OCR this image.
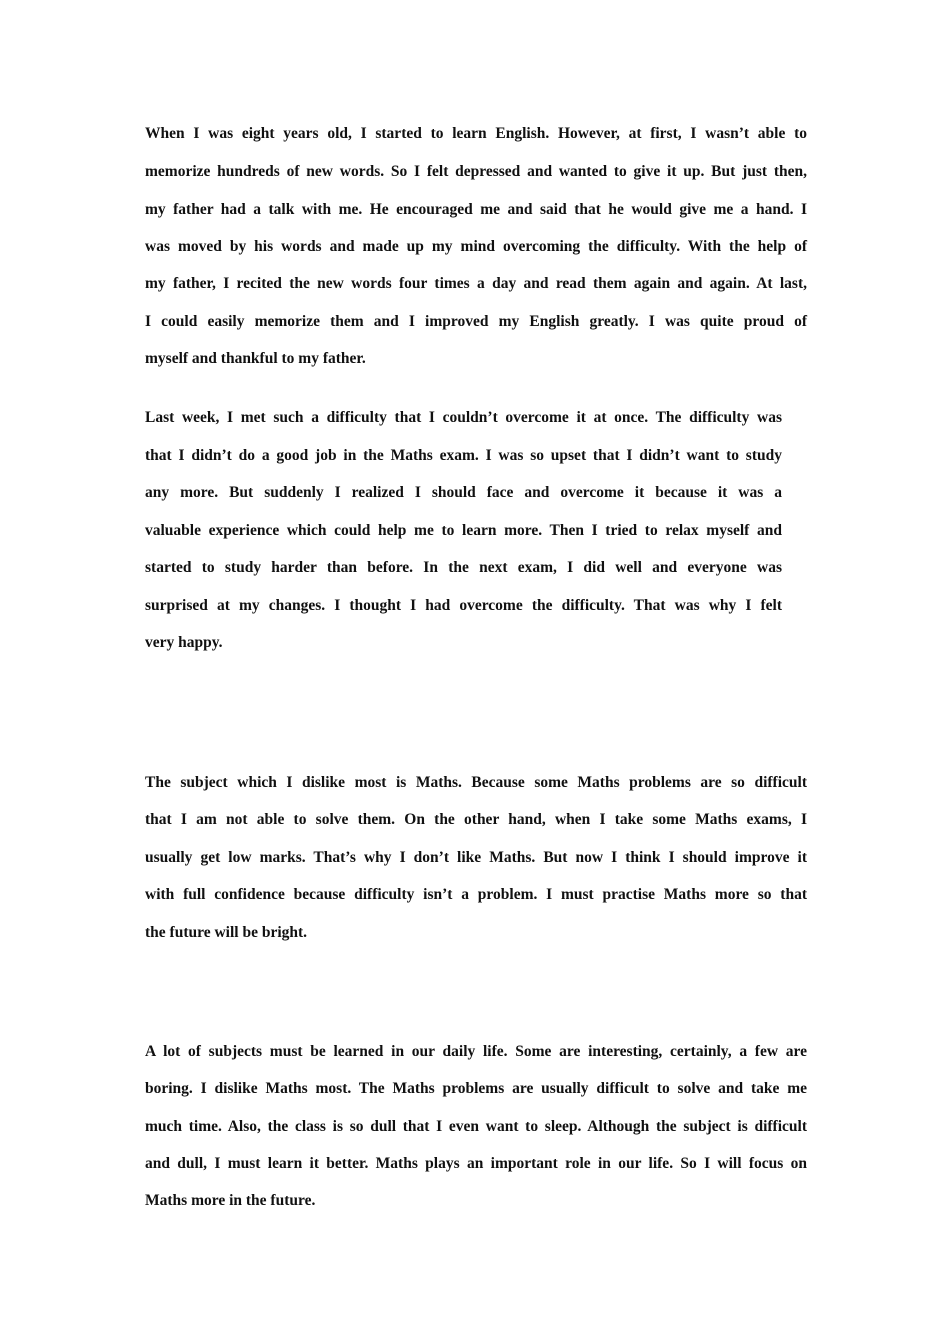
When I was eight years old, I started to learn English. However, at first, I wasn’t able to
memorize hundreds of new words. So I felt depressed and wanted to give it up. But just then,
my father had a talk with me. He encouraged me and said that he would give me a hand. I
was moved by his words and made up my mind overcoming the difficulty. With the help of
my father, I recited the new words four times a day and read them again and again. At last,
I could easily memorize them and I improved my English greatly. I was quite proud of
myself and thankful to my father.
Last week, I met such a difficulty that I couldn’t overcome it at once. The difficulty was
that I didn’t do a good job in the Maths exam. I was so upset that I didn’t want to study
any more. But suddenly I realized I should face and overcome it because it was a
valuable experience which could help me to learn more. Then I tried to relax myself and
started to study harder than before. In the next exam, I did well and everyone was
surprised at my changes. I thought I had overcome the difficulty. That was why I felt
very happy.
The subject which I dislike most is Maths. Because some Maths problems are so difficult
that I am not able to solve them. On the other hand, when I take some Maths exams, I
usually get low marks. That’s why I don’t like Maths. But now I think I should improve it
with full confidence because difficulty isn’t a problem. I must practise Maths more so that
the future will be bright.
A lot of subjects must be learned in our daily life. Some are interesting, certainly, a few are
boring. I dislike Maths most. The Maths problems are usually difficult to solve and take me
much time. Also, the class is so dull that I even want to sleep. Although the subject is difficult
and dull, I must learn it better. Maths plays an important role in our life. So I will focus on
Maths more in the future.
